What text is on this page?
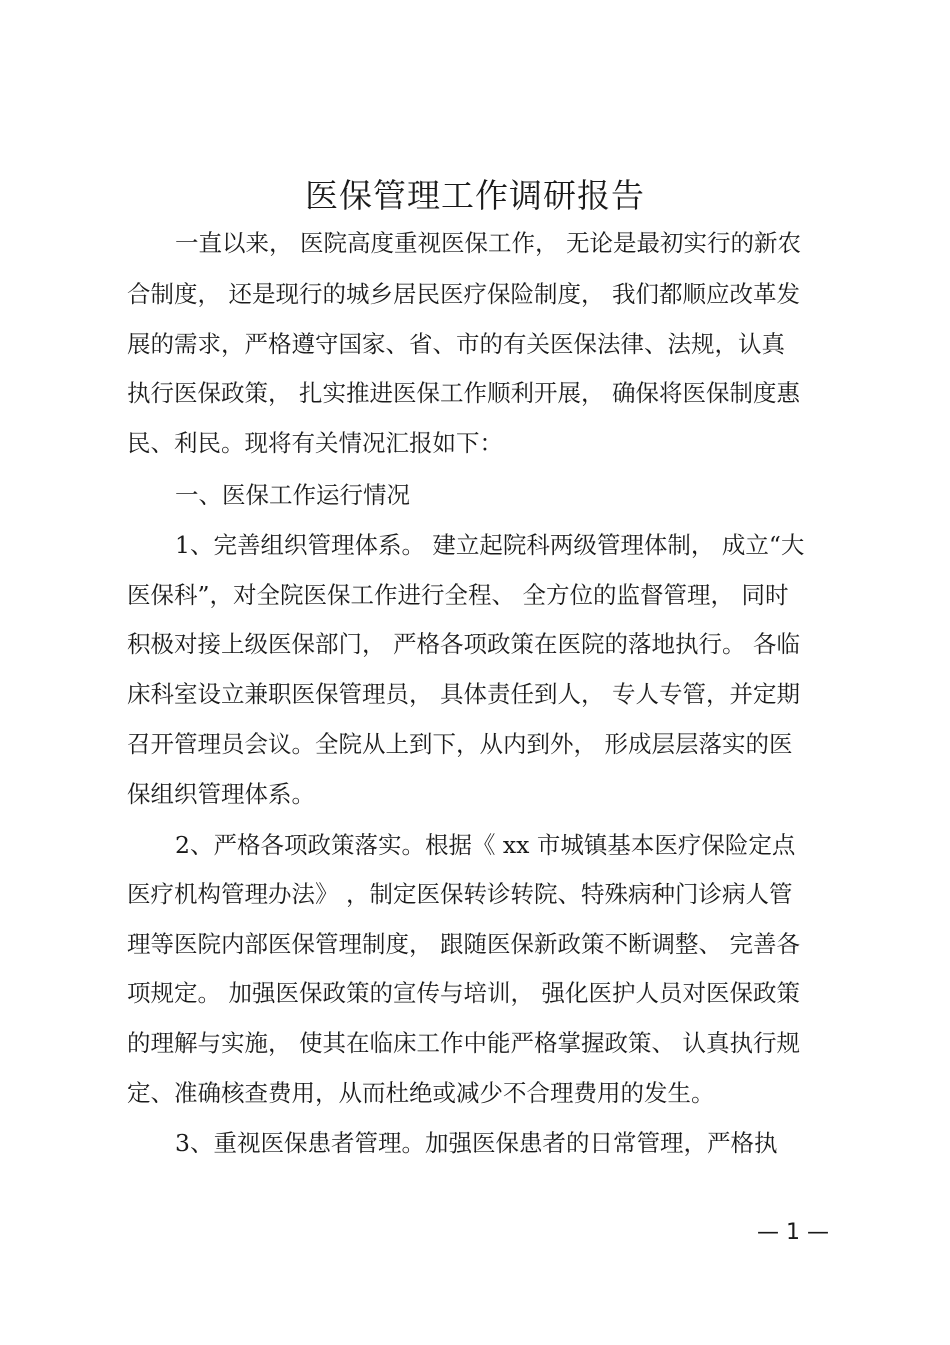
医保管理工作调研报告
一直以来， 医院高度重视医保工作， 无论是最初实行的新农
合制度， 还是现行的城乡居民医疗保险制度， 我们都顺应改革发
展的需求，严格遵守国家、省、市的有关医保法律、法规，认真
执行医保政策， 扎实推进医保工作顺利开展， 确保将医保制度惠
民、利民。现将有关情况汇报如下：
一、医保工作运行情况
1、完善组织管理体系。 建立起院科两级管理体制， 成立“大
医保科”，对全院医保工作进行全程、 全方位的监督管理， 同时
积极对接上级医保部门， 严格各项政策在医院的落地执行。 各临
床科室设立兼职医保管理员， 具体责任到人， 专人专管，并定期
召开管理员会议。全院从上到下，从内到外， 形成层层落实的医
保组织管理体系。
2、严格各项政策落实。根据《 xx 市城镇基本医疗保险定点
医疗机构管理办法》 ，制定医保转诊转院、特殊病种门诊病人管
理等医院内部医保管理制度， 跟随医保新政策不断调整、 完善各
项规定。 加强医保政策的宣传与培训， 强化医护人员对医保政策
的理解与实施， 使其在临床工作中能严格掌握政策、 认真执行规
定、准确核查费用，从而杜绝或减少不合理费用的发生。
3、重视医保患者管理。加强医保患者的日常管理，严格执
— 1 —
